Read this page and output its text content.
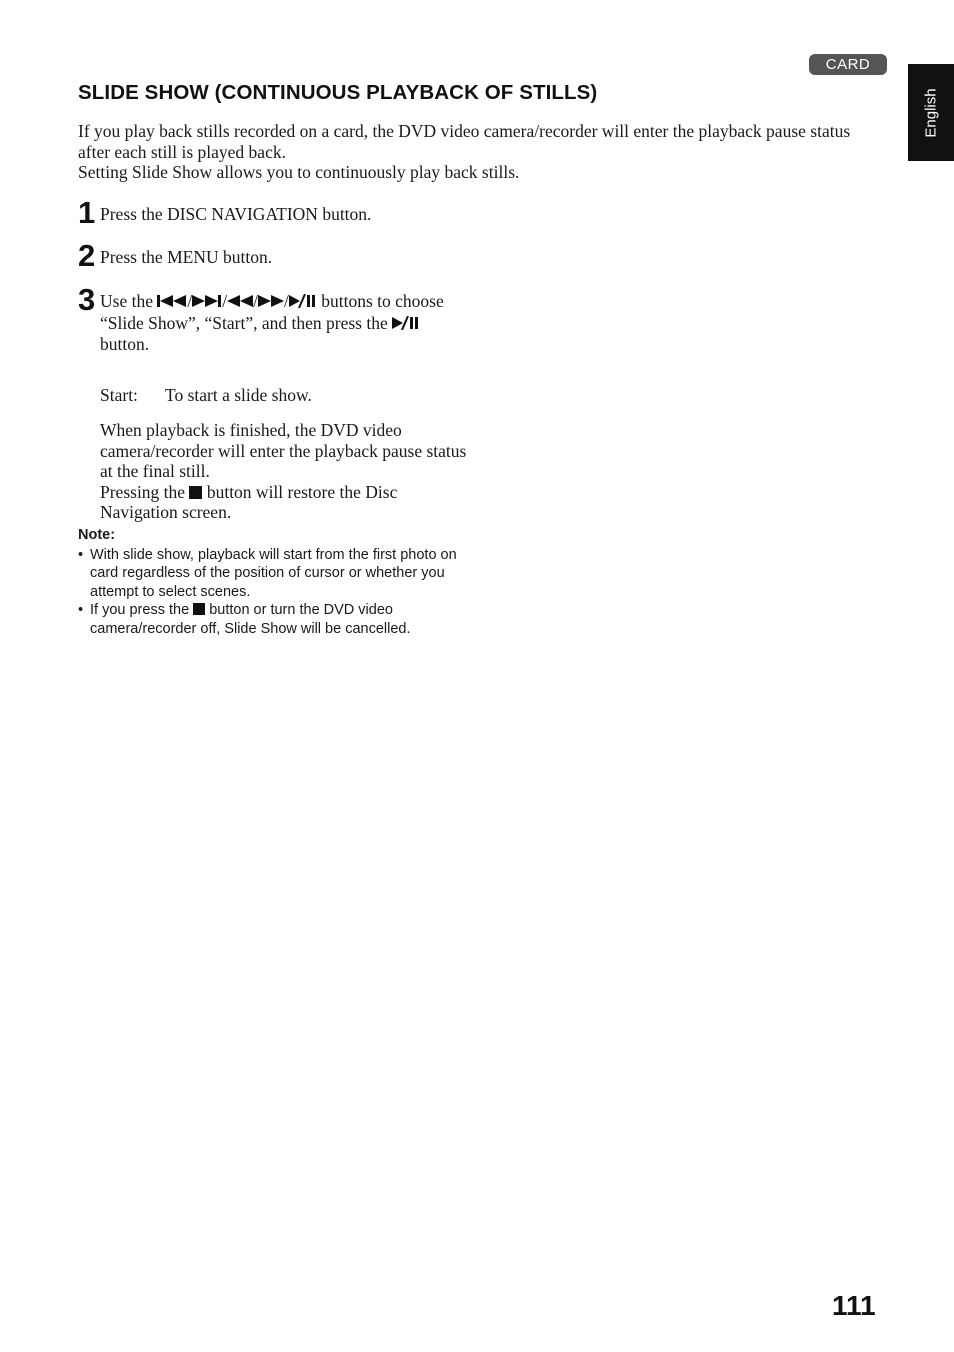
CARD
English
SLIDE SHOW (CONTINUOUS PLAYBACK OF STILLS)
If you play back stills recorded on a card, the DVD video camera/recorder will enter the playback pause status after each still is played back.
Setting Slide Show allows you to continuously play back stills.
1 Press the DISC NAVIGATION button.
2 Press the MENU button.
3 Use the / / / / buttons to choose “Slide Show”, “Start”, and then press the
button.
Start: To start a slide show.
When playback is finished, the DVD video camera/recorder will enter the playback pause status at the final still.
Pressing the button will restore the Disc Navigation screen.
Note:
• With slide show, playback will start from the first photo on card regardless of the position of cursor or whether you attempt to select scenes.
• If you press the button or turn the DVD video camera/recorder off, Slide Show will be cancelled.
111
